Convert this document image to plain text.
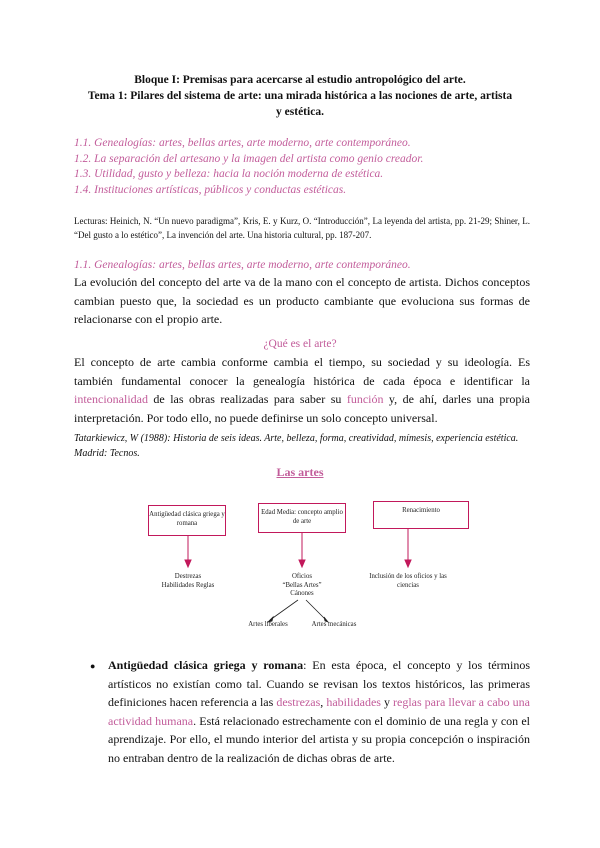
Bloque I: Premisas para acercarse al estudio antropológico del arte.
Tema 1: Pilares del sistema de arte: una mirada histórica a las nociones de arte, artista
y estética.
1.1. Genealogías: artes, bellas artes, arte moderno, arte contemporáneo.
1.2. La separación del artesano y la imagen del artista como genio creador.
1.3. Utilidad, gusto y belleza: hacia la noción moderna de estética.
1.4. Instituciones artísticas, públicos y conductas estéticas.
Lecturas: Heinich, N. “Un nuevo paradigma”, Kris, E. y Kurz, O. “Introducción”, La leyenda del artista, pp. 21-29; Shiner, L. “Del gusto a lo estético”, La invención del arte. Una historia cultural, pp. 187-207.
1.1. Genealogías: artes, bellas artes, arte moderno, arte contemporáneo.
La evolución del concepto del arte va de la mano con el concepto de artista. Dichos conceptos cambian puesto que, la sociedad es un producto cambiante que evoluciona sus formas de relacionarse con el propio arte.
¿Qué es el arte?
El concepto de arte cambia conforme cambia el tiempo, su sociedad y su ideología. Es también fundamental conocer la genealogía histórica de cada época e identificar la intencionalidad de las obras realizadas para saber su función y, de ahí, darles una propia interpretación. Por todo ello, no puede definirse un solo concepto universal.
Tatarkiewicz, W (1988): Historia de seis ideas. Arte, belleza, forma, creatividad, mímesis, experiencia estética. Madrid: Tecnos.
Las artes
Antigüedad clásica griega y romana
Edad Media: concepto amplio de arte
Renacimiento
Destrezas Habilidades Reglas
Oficios
“Bellas Artes”
Cánones
Inclusión de los oficios y las ciencias
Artes liberales	Artes mecánicas
● Antigüedad clásica griega y romana: En esta época, el concepto y los términos artísticos no existían como tal. Cuando se revisan los textos históricos, las primeras definiciones hacen referencia a las destrezas, habilidades y reglas para llevar a cabo una actividad humana. Está relacionado estrechamente con el dominio de una regla y con el aprendizaje. Por ello, el mundo interior del artista y su propia concepción o inspiración no entraban dentro de la realización de dichas obras de arte.
